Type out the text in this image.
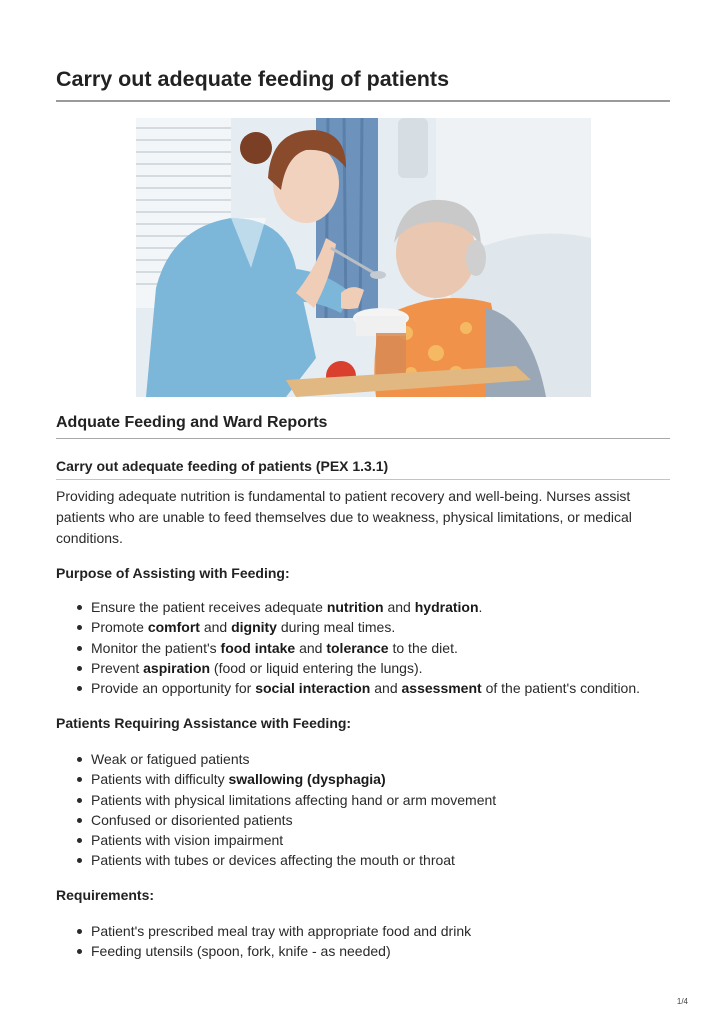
Carry out adequate feeding of patients
Adquate Feeding and Ward Reports
Carry out adequate feeding of patients (PEX 1.3.1)

Providing adequate nutrition is fundamental to patient recovery and well-being. Nurses assist patients who are unable to feed themselves due to weakness, physical limitations, or medical conditions.

Purpose of Assisting with Feeding:
Ensure the patient receives adequate nutrition and hydration.
Promote comfort and dignity during meal times.
Monitor the patient's food intake and tolerance to the diet.
Prevent aspiration (food or liquid entering the lungs).
Provide an opportunity for social interaction and assessment of the patient's condition.
Patients Requiring Assistance with Feeding:
Weak or fatigued patients
Patients with difficulty swallowing (dysphagia)
Patients with physical limitations affecting hand or arm movement
Confused or disoriented patients
Patients with vision impairment
Patients with tubes or devices affecting the mouth or throat
Requirements:
Patient's prescribed meal tray with appropriate food and drink
Feeding utensils (spoon, fork, knife - as needed)
1/4
